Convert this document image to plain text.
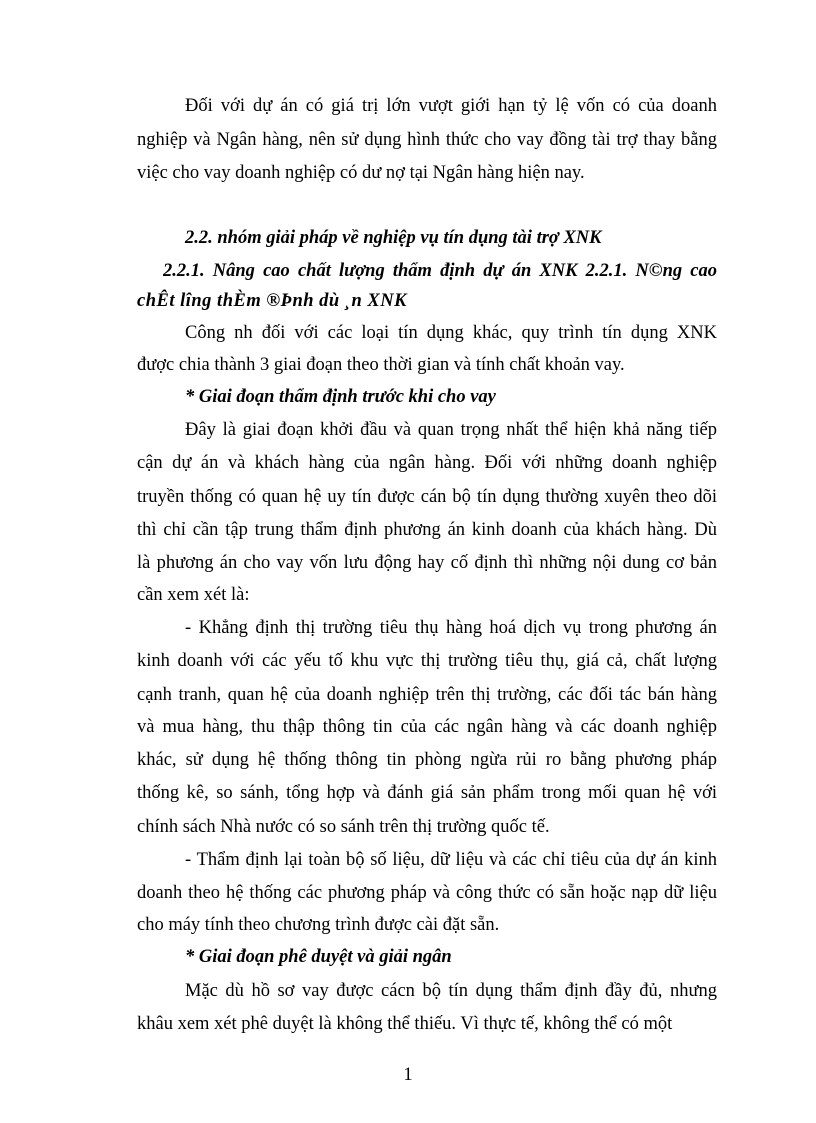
Đối với dự án có giá trị lớn vượt giới hạn tỷ lệ vốn có của doanh
nghiệp và Ngân hàng, nên sử dụng hình thức cho vay đồng tài trợ thay bằng
việc cho vay doanh nghiệp có dư nợ tại Ngân hàng hiện nay.
2.2. nhóm giải pháp về nghiệp vụ tín dụng tài trợ XNK
2.2.1. Nâng cao chất lượng thẩm định dự án XNK 2.2.1. N©ng cao
chÊt lîng thÈm ®Þnh dù ¸n XNK
Công nh đối với các loại tín dụng khác, quy trình tín dụng XNK
được chia thành 3 giai đoạn theo thời gian và tính chất khoản vay.
* Giai đoạn thẩm định trước khi cho vay
Đây là giai đoạn khởi đầu và quan trọng nhất thể hiện khả năng tiếp
cận dự án và khách hàng của ngân hàng. Đối với những doanh nghiệp
truyền thống có quan hệ uy tín được cán bộ tín dụng thường xuyên theo dõi
thì chỉ cần tập trung thẩm định phương án kinh doanh của khách hàng. Dù
là phương án cho vay vốn lưu động hay cố định thì những nội dung cơ bản
cần xem xét là:
- Khẳng định thị trường tiêu thụ hàng hoá dịch vụ trong phương án
kinh doanh với các yếu tố khu vực thị trường tiêu thụ, giá cả, chất lượng
cạnh tranh, quan hệ của doanh nghiệp trên thị trường, các đối tác bán hàng
và mua hàng, thu thập thông tin của các ngân hàng và các doanh nghiệp
khác, sử dụng hệ thống thông tin phòng ngừa rủi ro bằng phương pháp
thống kê, so sánh, tổng hợp và đánh giá sản phẩm trong mối quan hệ với
chính sách Nhà nước có so sánh trên thị trường quốc tế.
- Thẩm định lại toàn bộ số liệu, dữ liệu và các chỉ tiêu của dự án kinh
doanh theo hệ thống các phương pháp và công thức có sẵn hoặc nạp dữ liệu
cho máy tính theo chương trình được cài đặt sẵn.
* Giai đoạn phê duyệt và giải ngân
Mặc dù hồ sơ vay được cácn bộ tín dụng thẩm định đầy đủ, nhưng
khâu xem xét phê duyệt là không thể thiếu. Vì thực tế, không thể có một
1
